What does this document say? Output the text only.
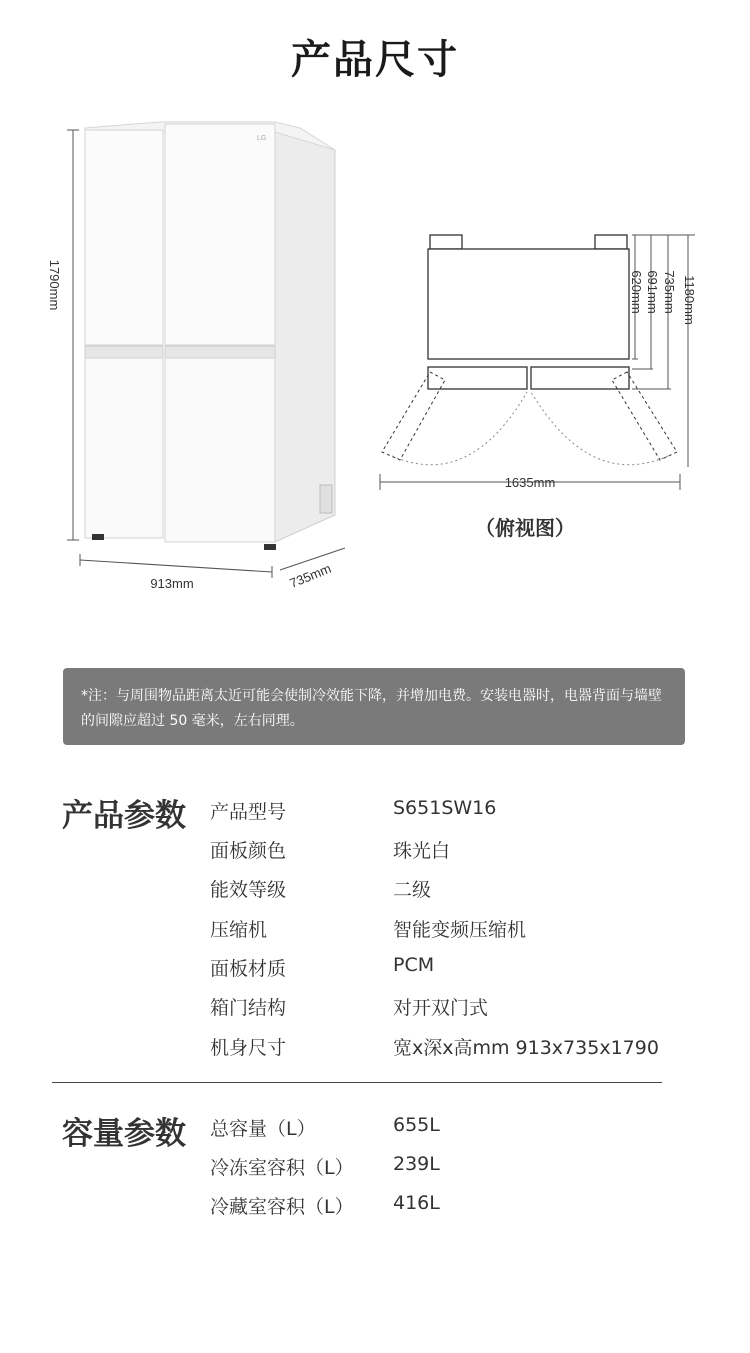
产品尺寸
1790mm
LG
913mm	735mm
1635mm
620mm 691mm 735mm 1180mm
（俯视图）
*注：与周围物品距离太近可能会使制冷效能下降，并增加电费。安装电器时，电器背面与墙壁的间隙应超过 50 毫米，左右同理。
产品参数 产品型号	S651SW16
面板颜色	珠光白
能效等级	二级
压缩机	智能变频压缩机
面板材质	PCM
箱门结构	对开双门式
机身尺寸	宽x深x高mm 913x735x1790
容量参数 总容量（L）	655L
冷冻室容积（L） 239L
冷藏室容积（L） 416L
